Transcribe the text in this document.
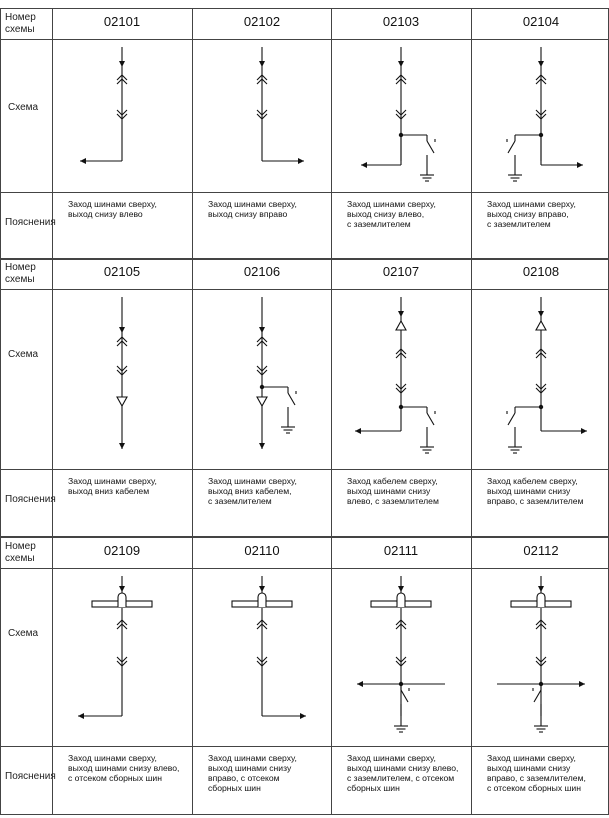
Номер
схемы
Схема
Пояснения
02101
Заход шинами сверху,
выход снизу влево
02102
Заход шинами сверху,
выход снизу вправо
02103
Заход шинами сверху,
выход снизу влево,
с заземлителем
02104
Заход шинами сверху,
выход снизу вправо,
с заземлителем
Номер
схемы
Схема
Пояснения
02105
Заход шинами сверху,
выход вниз кабелем
02106
Заход шинами сверху,
выход вниз кабелем,
с заземлителем
02107
Заход кабелем сверху,
выход шинами снизу
влево, с заземлителем
02108
Заход кабелем сверху,
выход шинами снизу
вправо, с заземлителем
Номер
схемы
Схема
Пояснения
02109
Заход шинами сверху,
выход шинами снизу влево,
с отсеком сборных шин
02110
Заход шинами сверху,
выход шинами снизу
вправо, с отсеком
сборных шин
02111
Заход шинами сверху,
выход шинами снизу влево,
с заземлителем, с отсеком
сборных шин
02112
Заход шинами сверху,
выход шинами снизу
вправо, с заземлителем,
с отсеком сборных шин
